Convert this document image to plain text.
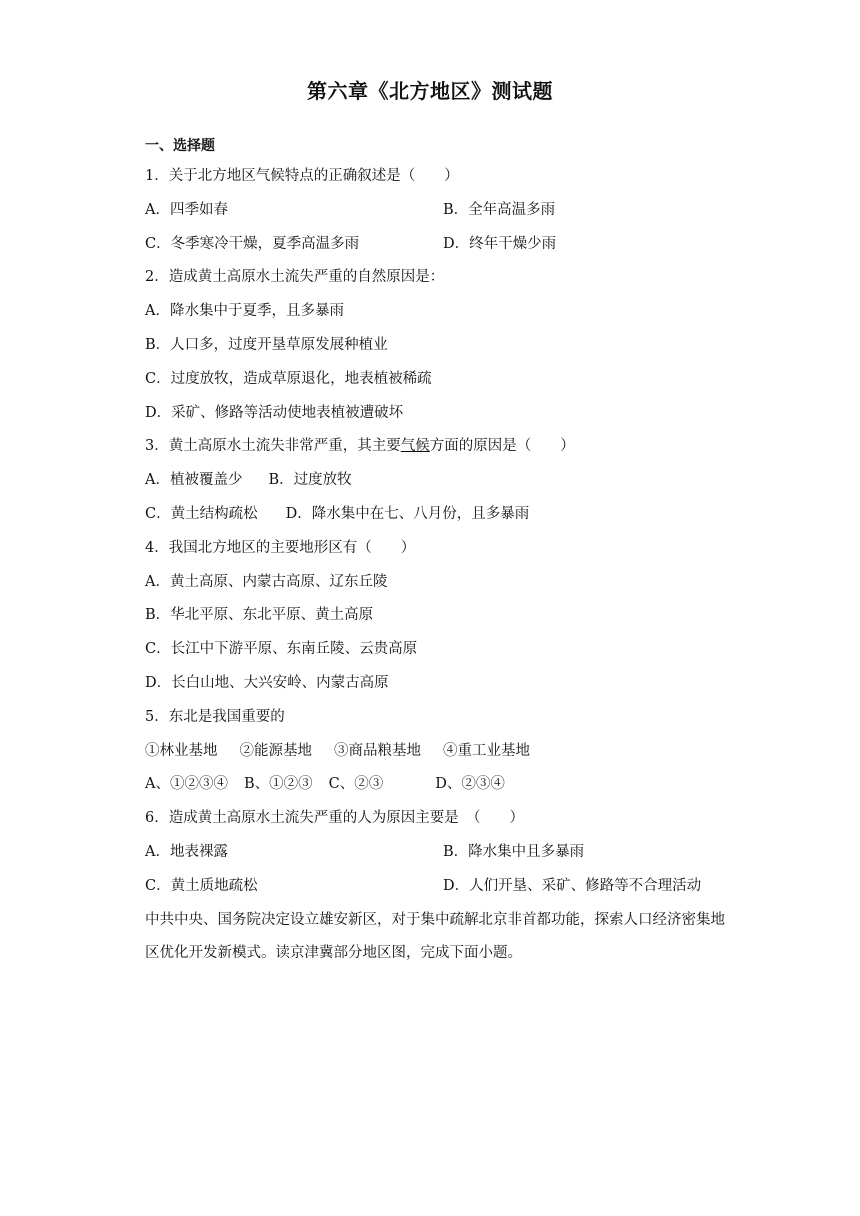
第六章《北方地区》测试题
一、选择题
1．关于北方地区气候特点的正确叙述是（　　）
A．四季如春	B．全年高温多雨
C．冬季寒冷干燥，夏季高温多雨	D．终年干燥少雨
2．造成黄土高原水土流失严重的自然原因是：
A．降水集中于夏季，且多暴雨
B．人口多，过度开垦草原发展种植业
C．过度放牧，造成草原退化，地表植被稀疏
D．采矿、修路等活动使地表植被遭破坏
3．黄土高原水土流失非常严重，其主要气候方面的原因是（　　）
A．植被覆盖少 B．过度放牧
C．黄土结构疏松 D．降水集中在七、八月份，且多暴雨
4．我国北方地区的主要地形区有（　　）
A．黄土高原、内蒙古高原、辽东丘陵
B．华北平原、东北平原、黄土高原
C．长江中下游平原、东南丘陵、云贵高原
D．长白山地、大兴安岭、内蒙古高原
5．东北是我国重要的
①林业基地 ②能源基地 ③商品粮基地 ④重工业基地
A、①②③④ B、①②③ C、②③	D、②③④
6．造成黄土高原水土流失严重的人为原因主要是　（　　）
A．地表裸露	B．降水集中且多暴雨
C．黄土质地疏松	D．人们开垦、采矿、修路等不合理活动
中共中央、国务院决定设立雄安新区，对于集中疏解北京非首都功能，探索人口经济密集地区优化开发新模式。读京津冀部分地区图，完成下面小题。
